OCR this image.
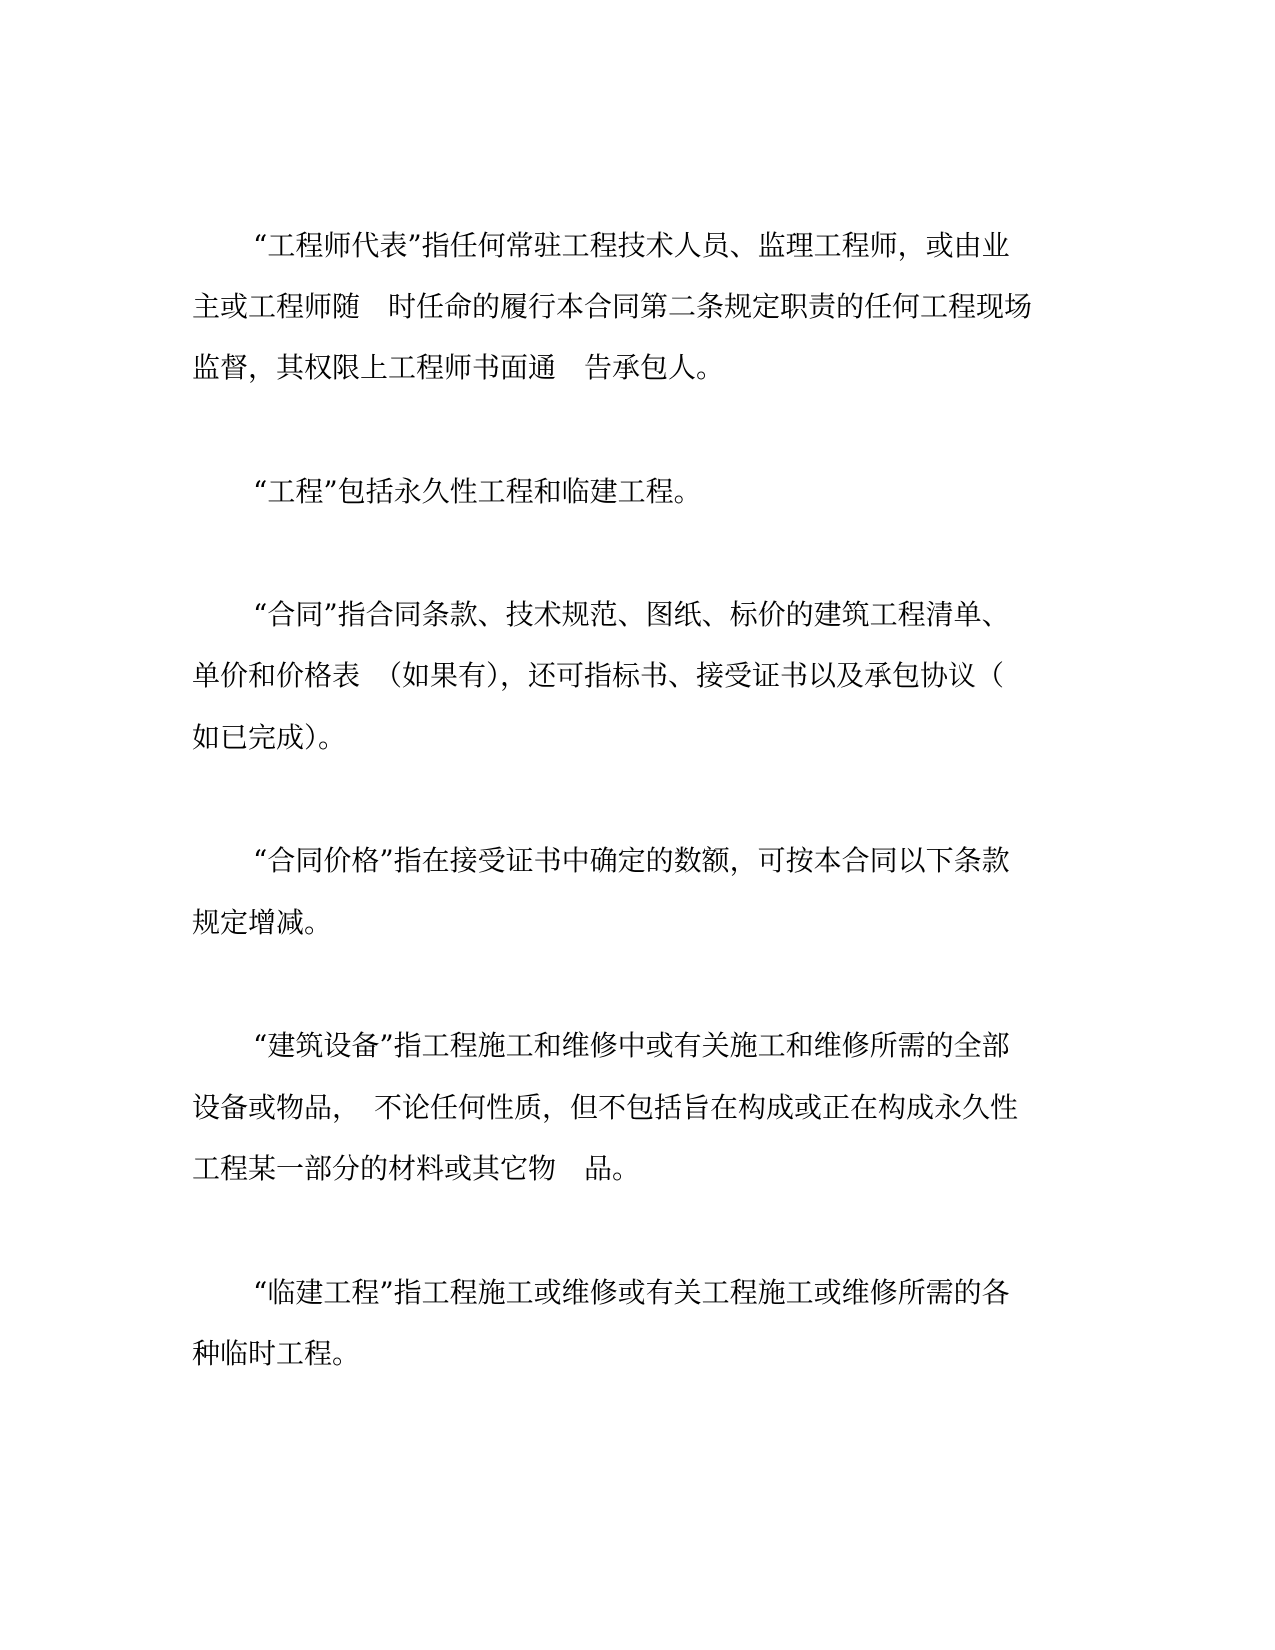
“工程师代表”指任何常驻工程技术人员、监理工程师，或由业
主或工程师随　时任命的履行本合同第二条规定职责的任何工程现场
监督，其权限上工程师书面通　告承包人。
“工程”包括永久性工程和临建工程。
“合同”指合同条款、技术规范、图纸、标价的建筑工程清单、
单价和价格表　（如果有），还可指标书、接受证书以及承包协议（
如已完成）。
“合同价格”指在接受证书中确定的数额，可按本合同以下条款
规定增减。
“建筑设备”指工程施工和维修中或有关施工和维修所需的全部
设备或物品，　不论任何性质，但不包括旨在构成或正在构成永久性
工程某一部分的材料或其它物　品。
“临建工程”指工程施工或维修或有关工程施工或维修所需的各
种临时工程。
